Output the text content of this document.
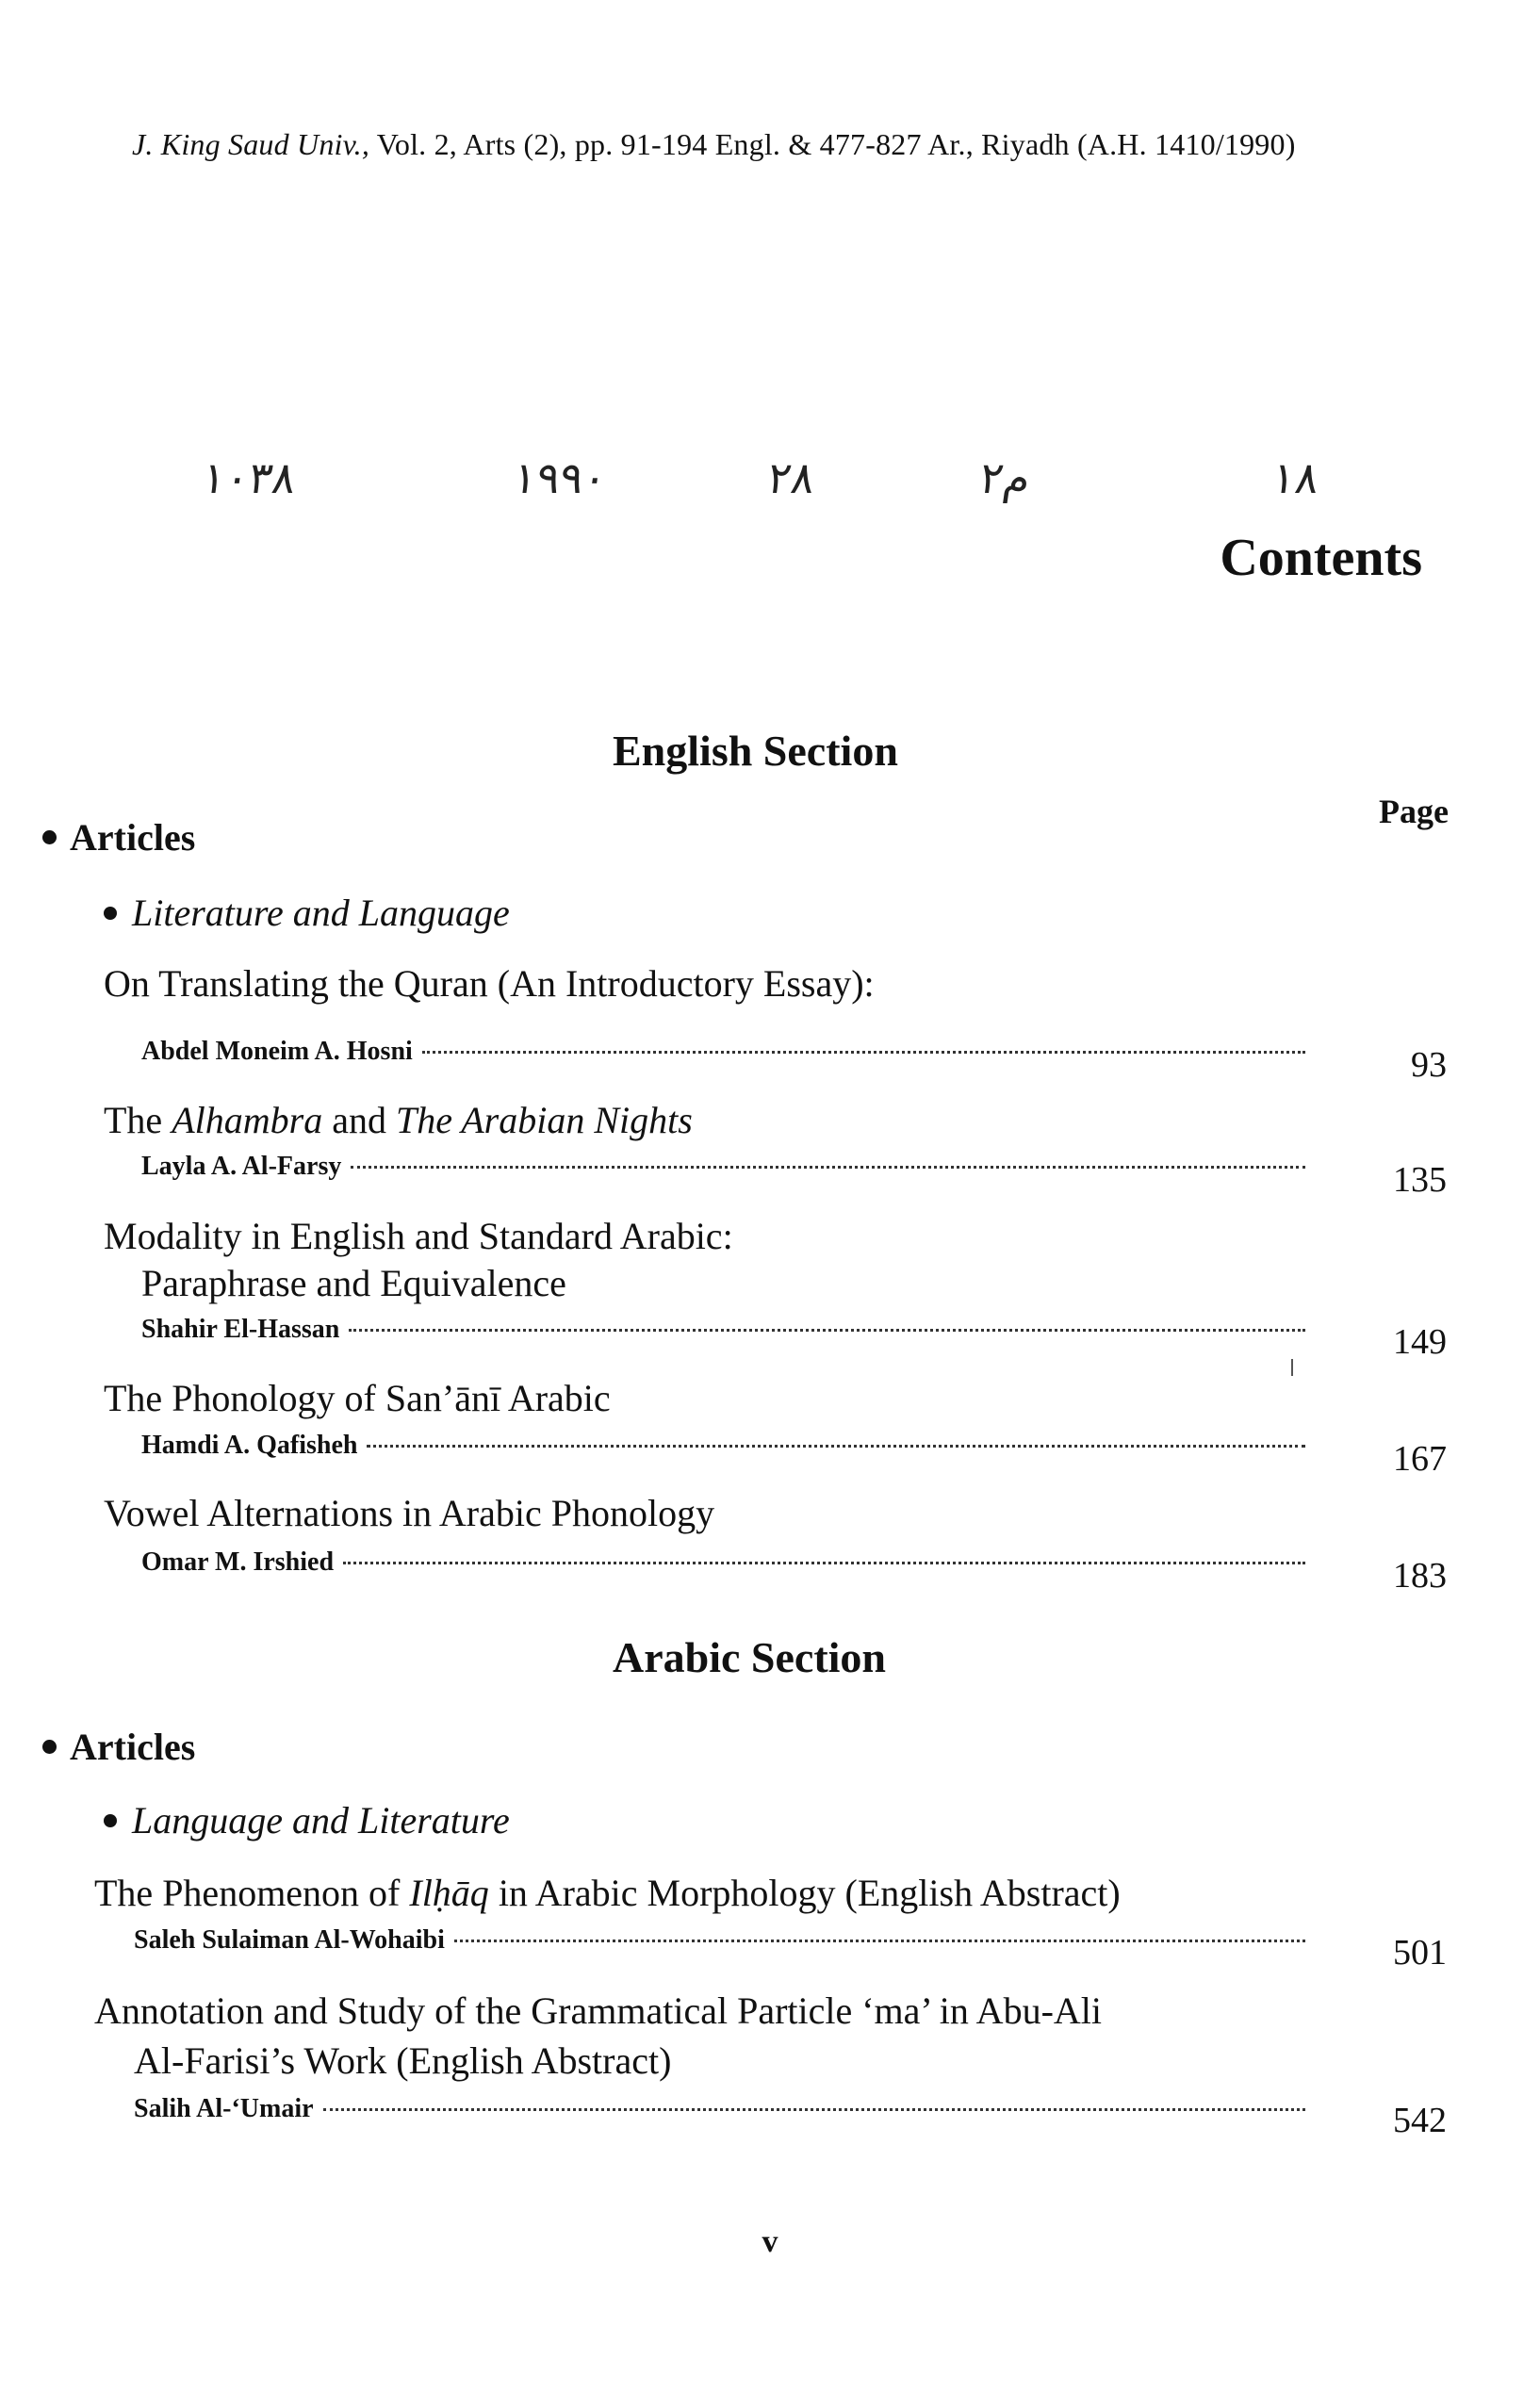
J. King Saud Univ., Vol. 2, Arts (2), pp. 91-194 Engl. & 477-827 Ar., Riyadh (A.H. 1410/1990)
١٠٣٨	١٩٩٠	٢٨	م٢	١٨
Contents
English Section
Page
Articles
Literature and Language
On Translating the Quran (An Introductory Essay):
Abdel Moneim A. Hosni	93
The Alhambra and The Arabian Nights
Layla A. Al-Farsy	135
Modality in English and Standard Arabic:
Paraphrase and Equivalence
Shahir El-Hassan	149
The Phonology of San’ānī Arabic
Hamdi A. Qafisheh	167
Vowel Alternations in Arabic Phonology
Omar M. Irshied	183
Arabic Section
Articles
Language and Literature
The Phenomenon of Ilḥāq in Arabic Morphology (English Abstract)
Saleh Sulaiman Al-Wohaibi	501
Annotation and Study of the Grammatical Particle ‘ma’ in Abu-Ali
Al-Farisi’s Work (English Abstract)
Salih Al-‘Umair	542
v
